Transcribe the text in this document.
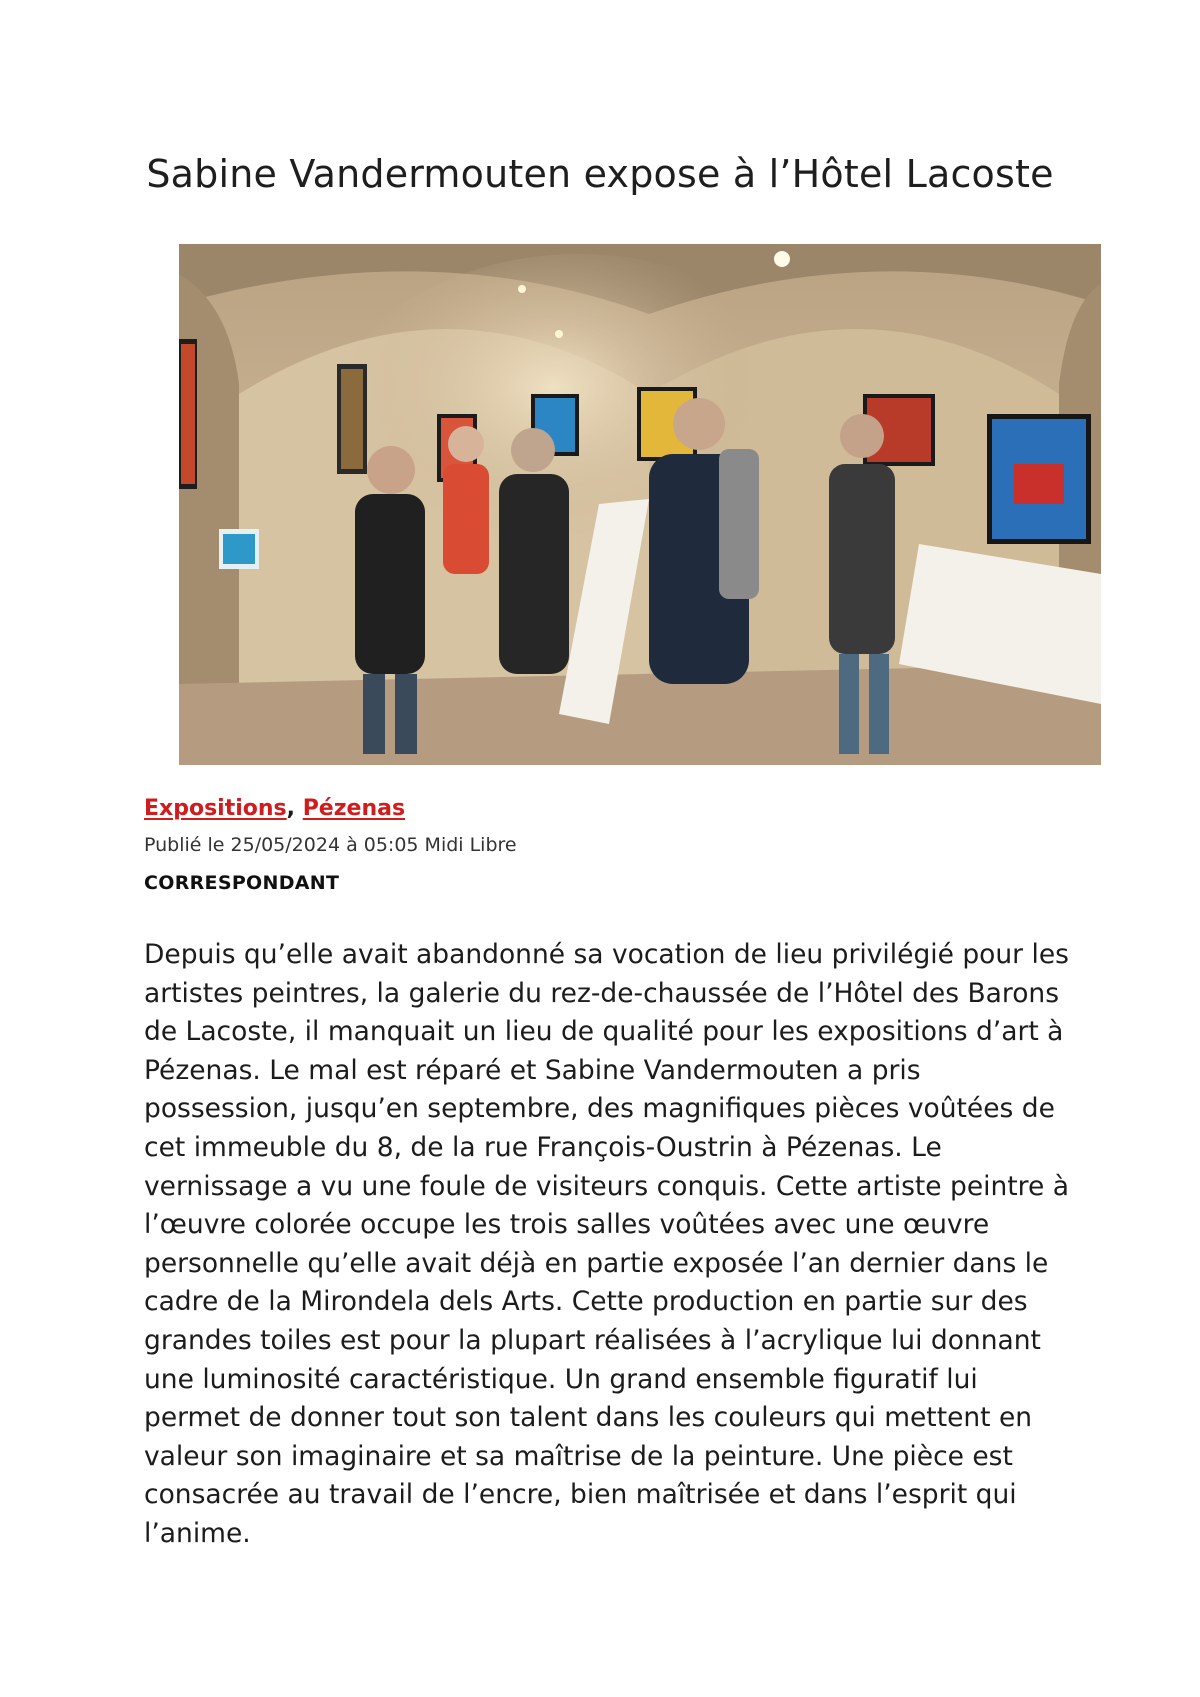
Sabine Vandermouten expose à l’Hôtel Lacoste
Expositions, Pézenas
Publié le 25/05/2024 à 05:05 Midi Libre
CORRESPONDANT

Depuis qu’elle avait abandonné sa vocation de lieu privilégié pour les artistes peintres, la galerie du rez-de-chaussée de l’Hôtel des Barons de Lacoste, il manquait un lieu de qualité pour les expositions d’art à Pézenas. Le mal est réparé et Sabine Vandermouten a pris possession, jusqu’en septembre, des magnifiques pièces voûtées de cet immeuble du 8, de la rue François-Oustrin à Pézenas. Le vernissage a vu une foule de visiteurs conquis. Cette artiste peintre à l’œuvre colorée occupe les trois salles voûtées avec une œuvre personnelle qu’elle avait déjà en partie exposée l’an dernier dans le cadre de la Mirondela dels Arts. Cette production en partie sur des grandes toiles est pour la plupart réalisées à l’acrylique lui donnant une luminosité caractéristique. Un grand ensemble figuratif lui permet de donner tout son talent dans les couleurs qui mettent en valeur son imaginaire et sa maîtrise de la peinture. Une pièce est consacrée au travail de l’encre, bien maîtrisée et dans l’esprit qui l’anime.
